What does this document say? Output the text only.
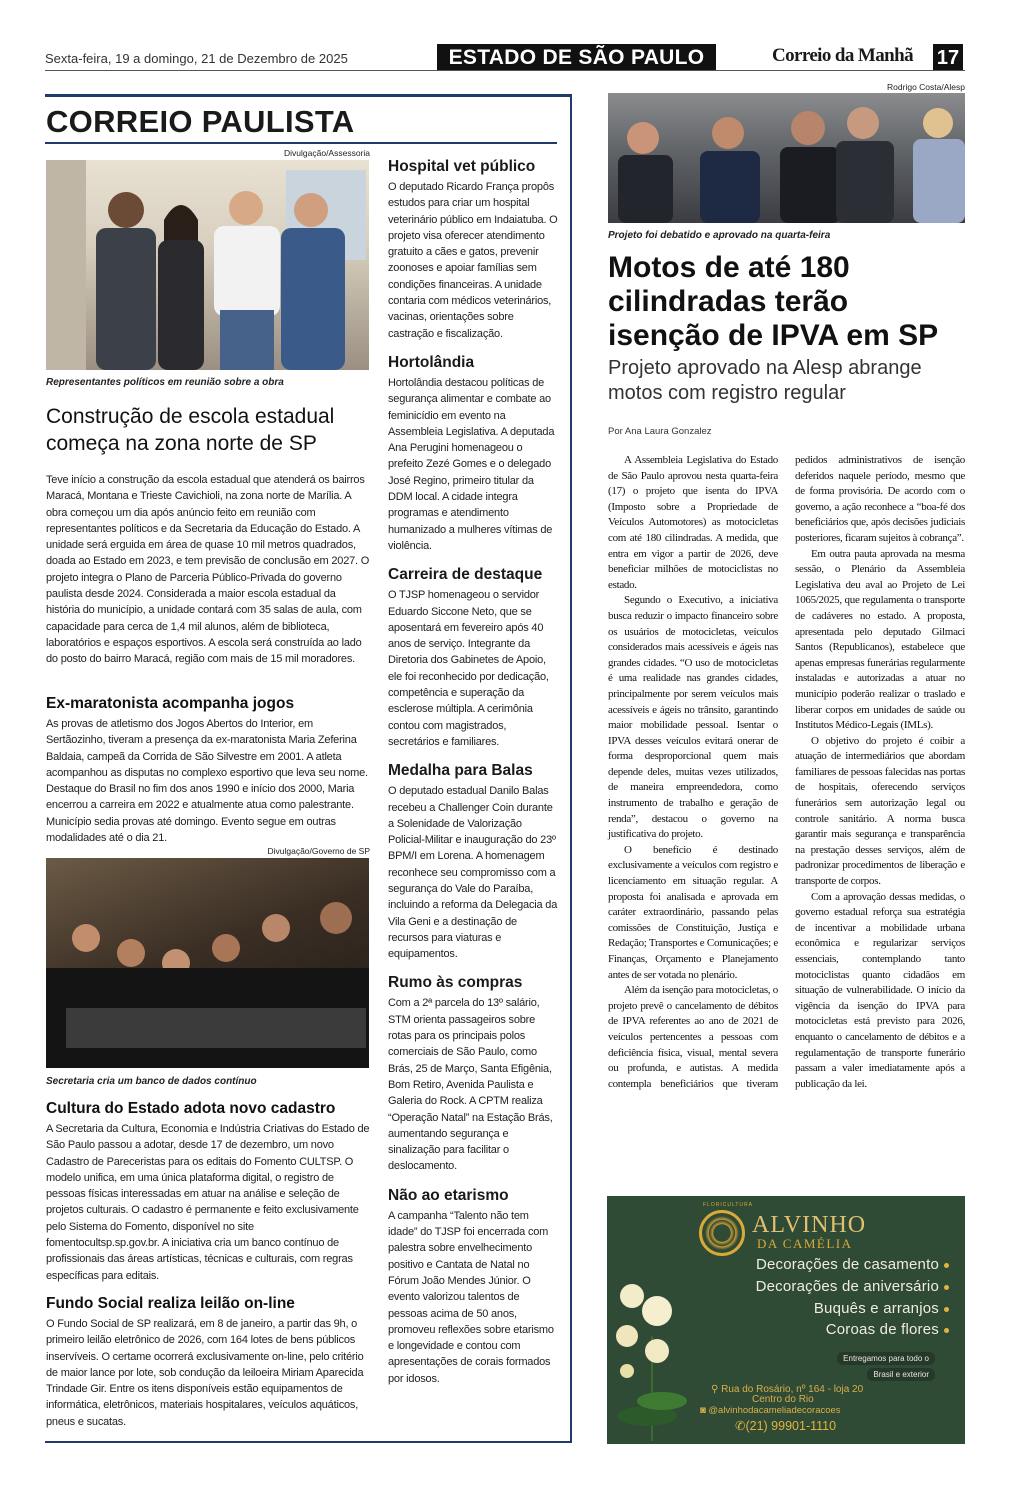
Sexta-feira, 19 a domingo, 21 de Dezembro de 2025	ESTADO DE SÃO PAULO	Correio da Manhã	17
CORREIO PAULISTA
Divulgação/Assessoria
Representantes políticos em reunião sobre a obra
Construção de escola estadual começa na zona norte de SP
Teve início a construção da escola estadual que atenderá os bairros Maracá, Montana e Trieste Cavichioli, na zona norte de Marília. A obra começou um dia após anúncio feito em reunião com representantes políticos e da Secretaria da Educação do Estado. A unidade será erguida em área de quase 10 mil metros quadrados, doada ao Estado em 2023, e tem previsão de conclusão em 2027. O projeto integra o Plano de Parceria Público-Privada do governo paulista desde 2024. Considerada a maior escola estadual da história do município, a unidade contará com 35 salas de aula, com capacidade para cerca de 1,4 mil alunos, além de biblioteca, laboratórios e espaços esportivos. A escola será construída ao lado do posto do bairro Maracá, região com mais de 15 mil moradores.
Ex-maratonista acompanha jogos
As provas de atletismo dos Jogos Abertos do Interior, em Sertãozinho, tiveram a presença da ex-maratonista Maria Zeferina Baldaia, campeã da Corrida de São Silvestre em 2001. A atleta acompanhou as disputas no complexo esportivo que leva seu nome. Destaque do Brasil no fim dos anos 1990 e início dos 2000, Maria encerrou a carreira em 2022 e atualmente atua como palestrante. Município sedia provas até domingo. Evento segue em outras modalidades até o dia 21.
Divulgação/Governo de SP
Secretaria cria um banco de dados contínuo
Cultura do Estado adota novo cadastro
A Secretaria da Cultura, Economia e Indústria Criativas do Estado de São Paulo passou a adotar, desde 17 de dezembro, um novo Cadastro de Pareceristas para os editais do Fomento CULTSP. O modelo unifica, em uma única plataforma digital, o registro de pessoas físicas interessadas em atuar na análise e seleção de projetos culturais. O cadastro é permanente e feito exclusivamente pelo Sistema do Fomento, disponível no site fomentocultsp.sp.gov.br. A iniciativa cria um banco contínuo de profissionais das áreas artísticas, técnicas e culturais, com regras específicas para editais.
Fundo Social realiza leilão on-line
O Fundo Social de SP realizará, em 8 de janeiro, a partir das 9h, o primeiro leilão eletrônico de 2026, com 164 lotes de bens públicos inservíveis. O certame ocorrerá exclusivamente on-line, pelo critério de maior lance por lote, sob condução da leiloeira Miriam Aparecida Trindade Gir. Entre os itens disponíveis estão equipamentos de informática, eletrônicos, materiais hospitalares, veículos aquáticos, pneus e sucatas.
Hospital vet público

O deputado Ricardo França propôs estudos para criar um hospital veterinário público em Indaiatuba. O projeto visa oferecer atendimento gratuito a cães e gatos, prevenir zoonoses e apoiar famílias sem condições financeiras. A unidade contaria com médicos veterinários, vacinas, orientações sobre castração e fiscalização.

Hortolândia

Hortolândia destacou políticas de segurança alimentar e combate ao feminicídio em evento na Assembleia Legislativa. A deputada Ana Perugini homenageou o prefeito Zezé Gomes e o delegado José Regino, primeiro titular da DDM local. A cidade integra programas e atendimento humanizado a mulheres vítimas de violência.

Carreira de destaque

O TJSP homenageou o servidor Eduardo Siccone Neto, que se aposentará em fevereiro após 40 anos de serviço. Integrante da Diretoria dos Gabinetes de Apoio, ele foi reconhecido por dedicação, competência e superação da esclerose múltipla. A cerimônia contou com magistrados, secretários e familiares.

Medalha para Balas

O deputado estadual Danilo Balas recebeu a Challenger Coin durante a Solenidade de Valorização Policial-Militar e inauguração do 23º BPM/I em Lorena. A homenagem reconhece seu compromisso com a segurança do Vale do Paraíba, incluindo a reforma da Delegacia da Vila Geni e a destinação de recursos para viaturas e equipamentos.

Rumo às compras

Com a 2ª parcela do 13º salário, STM orienta passageiros sobre rotas para os principais polos comerciais de São Paulo, como Brás, 25 de Março, Santa Efigênia, Bom Retiro, Avenida Paulista e Galeria do Rock. A CPTM realiza “Operação Natal” na Estação Brás, aumentando segurança e sinalização para facilitar o deslocamento.

Não ao etarismo

A campanha “Talento não tem idade” do TJSP foi encerrada com palestra sobre envelhecimento positivo e Cantata de Natal no Fórum João Mendes Júnior. O evento valorizou talentos de pessoas acima de 50 anos, promoveu reflexões sobre etarismo e longevidade e contou com apresentações de corais formados por idosos.

Rodrigo Costa/Alesp
Projeto foi debatido e aprovado na quarta-feira
Motos de até 180 cilindradas terão isenção de IPVA em SP
Projeto aprovado na Alesp abrange motos com registro regular
Por Ana Laura Gonzalez

A Assembleia Legislativa do Estado de São Paulo aprovou nesta quarta-feira (17) o projeto que isenta do IPVA (Imposto sobre a Propriedade de Veículos Automotores) as motocicletas com até 180 cilindradas. A medida, que entra em vigor a partir de 2026, deve beneficiar milhões de motociclistas no estado.

Segundo o Executivo, a iniciativa busca reduzir o impacto financeiro sobre os usuários de motocicletas, veículos considerados mais acessíveis e ágeis nas grandes cidades. “O uso de motocicletas é uma realidade nas grandes cidades, principalmente por serem veículos mais acessíveis e ágeis no trânsito, garantindo maior mobilidade pessoal. Isentar o IPVA desses veículos evitará onerar de forma desproporcional quem mais depende deles, muitas vezes utilizados, de maneira empreendedora, como instrumento de trabalho e geração de renda”, destacou o governo na justificativa do projeto.

O benefício é destinado exclusivamente a veículos com registro e licenciamento em situação regular. A proposta foi analisada e aprovada em caráter extraordinário, passando pelas comissões de Constituição, Justiça e Redação; Transportes e Comunicações; e Finanças, Orçamento e Planejamento antes de ser votada no plenário.

Além da isenção para motocicletas, o projeto prevê o cancelamento de débitos de IPVA referentes ao ano de 2021 de veículos pertencentes a pessoas com deficiência física, visual, mental severa ou profunda, e autistas. A medida contempla beneficiários que tiveram pedidos administrativos de isenção deferidos naquele período, mesmo que de forma provisória. De acordo com o governo, a ação reconhece a “boa-fé dos beneficiários que, após decisões judiciais posteriores, ficaram sujeitos à cobrança”.

Em outra pauta aprovada na mesma sessão, o Plenário da Assembleia Legislativa deu aval ao Projeto de Lei 1065/2025, que regulamenta o transporte de cadáveres no estado. A proposta, apresentada pelo deputado Gilmaci Santos (Republicanos), estabelece que apenas empresas funerárias regularmente instaladas e autorizadas a atuar no município poderão realizar o traslado e liberar corpos em unidades de saúde ou Institutos Médico-Legais (IMLs).

O objetivo do projeto é coibir a atuação de intermediários que abordam familiares de pessoas falecidas nas portas de hospitais, oferecendo serviços funerários sem autorização legal ou controle sanitário. A norma busca garantir mais segurança e transparência na prestação desses serviços, além de padronizar procedimentos de liberação e transporte de corpos.

Com a aprovação dessas medidas, o governo estadual reforça sua estratégia de incentivar a mobilidade urbana econômica e regularizar serviços essenciais, contemplando tanto motociclistas quanto cidadãos em situação de vulnerabilidade. O início da vigência da isenção do IPVA para motocicletas está previsto para 2026, enquanto o cancelamento de débitos e a regulamentação de transporte funerário passam a valer imediatamente após a publicação da lei.

FLORICULTURA
ALVINHO
DA CAMÉLIA
Decorações de casamento
Decorações de aniversário
Buquês e arranjos
Coroas de flores
Entregamos para todo o
Brasil e exterior
⚲ Rua do Rosário, nº 164 - loja 20
Centro do Rio
◙ @alvinhodacameliadecoracoes
✆(21) 99901-1110
